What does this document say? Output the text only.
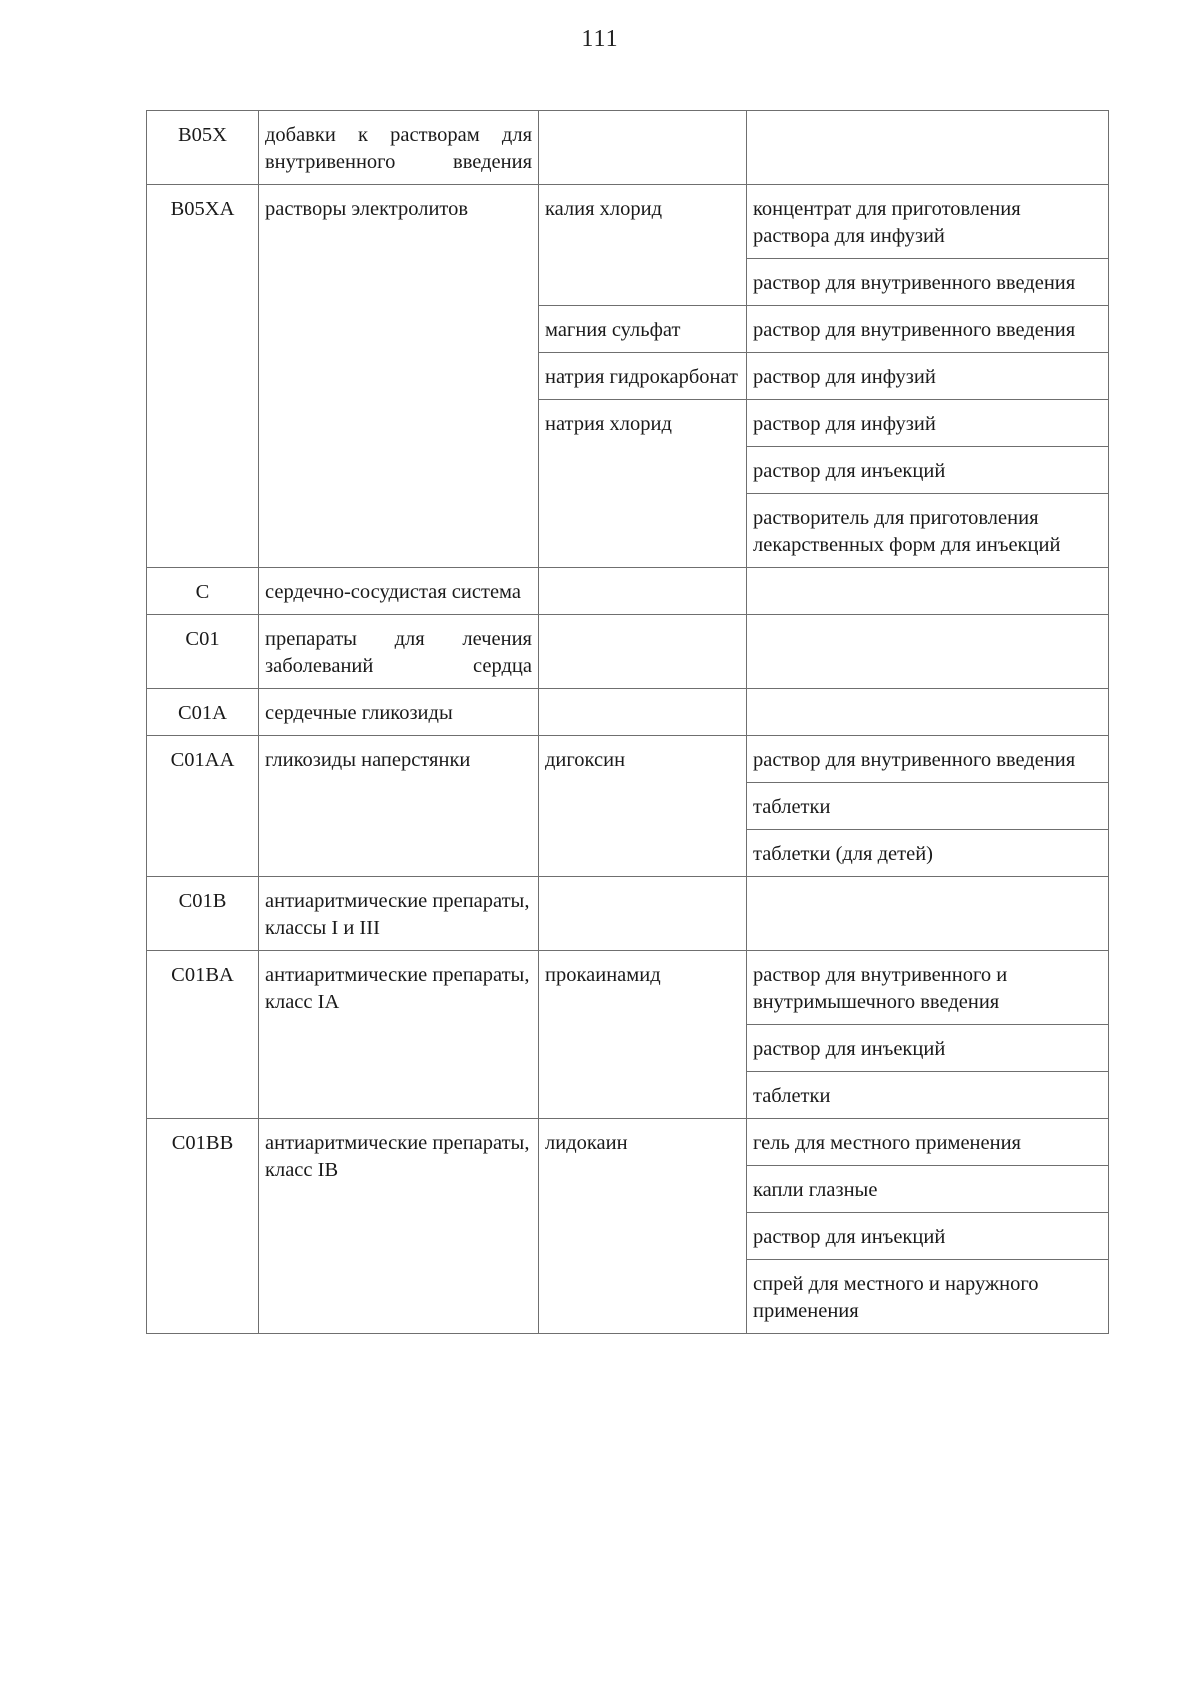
111
B05X	добавки к растворам для внутривенного введения		

B05XA	растворы электролитов	калия хлорид	концентрат для приготовления раствора для инфузий
			раствор для внутривенного введения
		магния сульфат	раствор для внутривенного введения
		натрия гидрокарбонат	раствор для инфузий
		натрия хлорид	раствор для инфузий
			раствор для инъекций
			растворитель для приготовления лекарственных форм для инъекций
C	сердечно-сосудистая система		
C01	препараты для лечения заболеваний сердца		

C01A	сердечные гликозиды		
C01AA	гликозиды наперстянки	дигоксин	раствор для внутривенного введения
			таблетки
			таблетки (для детей)
C01B	антиаритмические препараты, классы I и III		
C01BA	антиаритмические препараты, класс IA	прокаинамид	раствор для внутривенного и внутримышечного введения
			раствор для инъекций
			таблетки
C01BB	антиаритмические препараты, класс IB	лидокаин	гель для местного применения
			капли глазные
			раствор для инъекций
			спрей для местного и наружного применения
